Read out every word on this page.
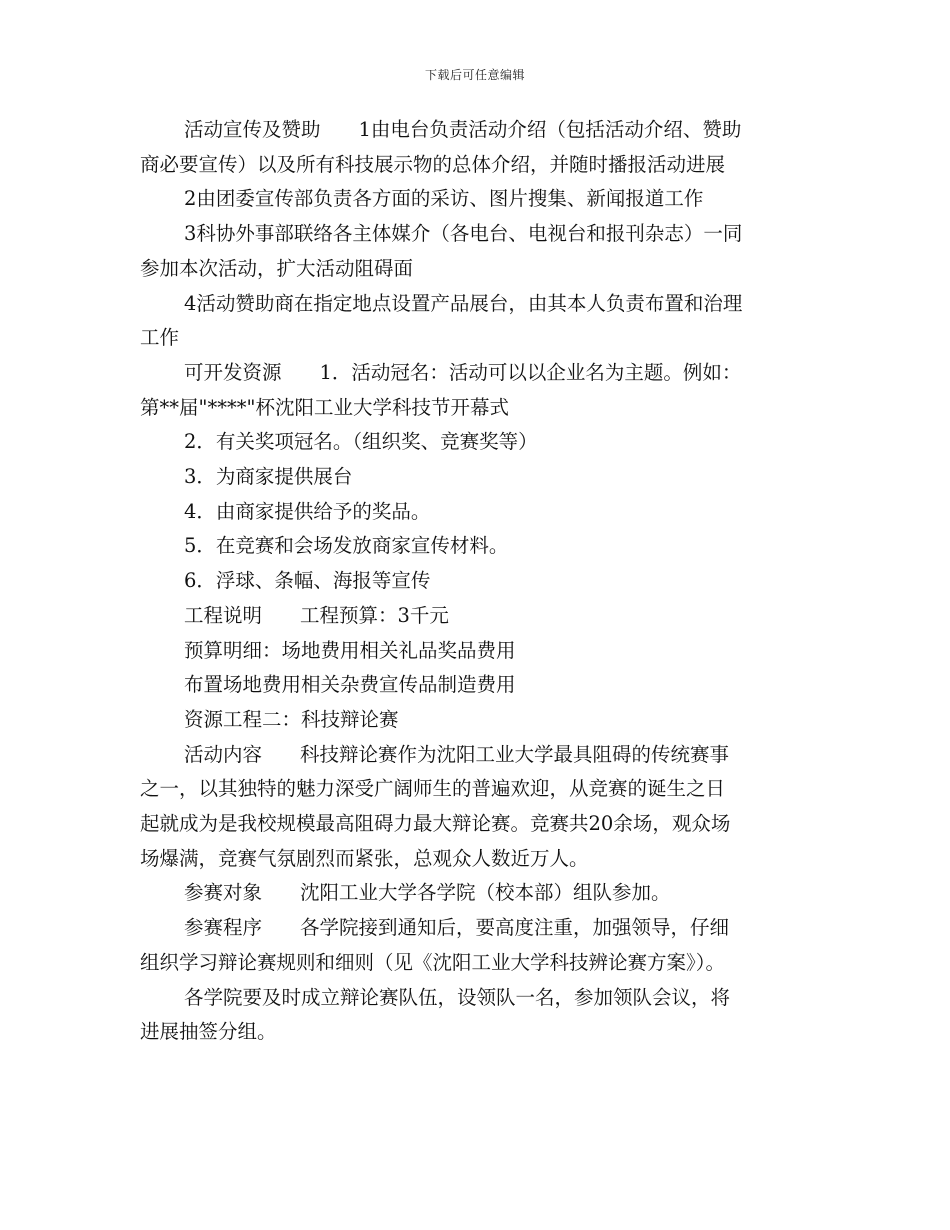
下载后可任意编辑
活动宣传及赞助 1由电台负责活动介绍（包括活动介绍、赞助
商必要宣传）以及所有科技展示物的总体介绍，并随时播报活动进展
2由团委宣传部负责各方面的采访、图片搜集、新闻报道工作
3科协外事部联络各主体媒介（各电台、电视台和报刊杂志）一同
参加本次活动，扩大活动阻碍面
4活动赞助商在指定地点设置产品展台，由其本人负责布置和治理
工作
可开发资源 1．活动冠名：活动可以以企业名为主题。例如：
第**届"****"杯沈阳工业大学科技节开幕式
2．有关奖项冠名。（组织奖、竞赛奖等）
3．为商家提供展台
4．由商家提供给予的奖品。
5．在竞赛和会场发放商家宣传材料。
6．浮球、条幅、海报等宣传
工程说明 工程预算：3千元
预算明细：场地费用相关礼品奖品费用
布置场地费用相关杂费宣传品制造费用
资源工程二：科技辩论赛
活动内容 科技辩论赛作为沈阳工业大学最具阻碍的传统赛事
之一，以其独特的魅力深受广阔师生的普遍欢迎，从竞赛的诞生之日
起就成为是我校规模最高阻碍力最大辩论赛。竞赛共20余场，观众场
场爆满，竞赛气氛剧烈而紧张，总观众人数近万人。
参赛对象 沈阳工业大学各学院（校本部）组队参加。
参赛程序 各学院接到通知后，要高度注重，加强领导，仔细
组织学习辩论赛规则和细则（见《沈阳工业大学科技辨论赛方案》）。
各学院要及时成立辩论赛队伍，设领队一名，参加领队会议，将
进展抽签分组。
